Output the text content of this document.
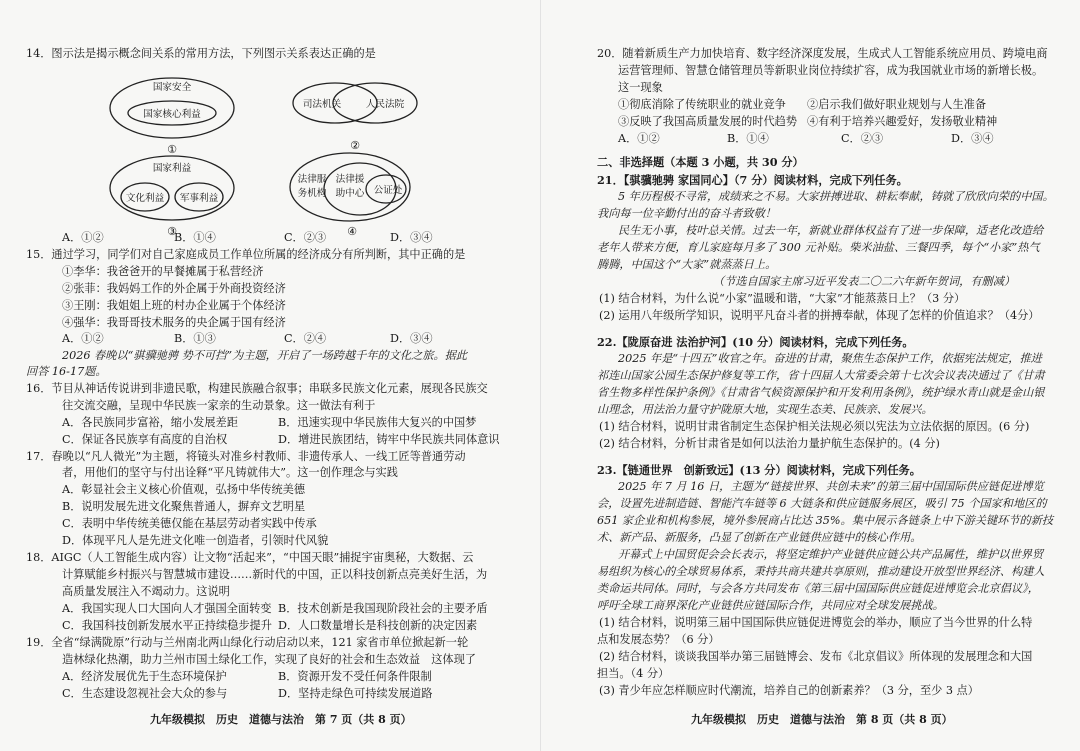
14．图示法是揭示概念间关系的常用方法，下列图示关系表达正确的是
国家安全
国家核心利益
①
司法机关	人民法院
②
国家利益
文化利益 军事利益
③
法律服
务机构
法律援
助中心 公证处
④
A．①②	B．①④	C．②③	D．③④
15．通过学习，同学们对自己家庭成员工作单位所属的经济成分有所判断，其中正确的是
①李华：我爸爸开的早餐摊属于私营经济
②张菲：我妈妈工作的外企属于外商投资经济
③王刚：我姐姐上班的村办企业属于个体经济
④强华：我哥哥技术服务的央企属于国有经济
A．①②	B．①③	C．②④	D．③④
2026 春晚以“骐骥驰骋 势不可挡”为主题，开启了一场跨越千年的文化之旅。据此
回答 16-17题。
16．节目从神话传说讲到非遗民歌，构建民族融合叙事；串联多民族文化元素，展现各民族交
往交流交融，呈现中华民族一家亲的生动景象。这一做法有利于
A．各民族同步富裕，缩小发展差距	B．迅速实现中华民族伟大复兴的中国梦
C．保证各民族享有高度的自治权	D．增进民族团结，铸牢中华民族共同体意识
17．春晚以“凡人微光”为主题，将镜头对准乡村教师、非遗传承人、一线工匠等普通劳动
者，用他们的坚守与付出诠释“平凡铸就伟大”。这一创作理念与实践
A．彰显社会主义核心价值观，弘扬中华传统美德
B．说明发展先进文化聚焦普通人，摒弃文艺明星
C．表明中华传统美德仅能在基层劳动者实践中传承
D．体现平凡人是先进文化唯一创造者，引领时代风貌
18．AIGC（人工智能生成内容）让文物“活起来”，“中国天眼”捕捉宇宙奥秘，大数据、云
计算赋能乡村振兴与智慧城市建设……新时代的中国，正以科技创新点亮美好生活，为
高质量发展注入不竭动力。这说明
A．我国实现人口大国向人才强国全面转变 B．技术创新是我国现阶段社会的主要矛盾
C．我国科技创新发展水平正持续稳步提升 D．人口数量增长是科技创新的决定因素
19．全省“绿满陇原”行动与兰州南北两山绿化行动启动以来，121 家省市单位掀起新一轮
造林绿化热潮，助力兰州市国土绿化工作，实现了良好的社会和生态效益　这体现了
A．经济发展优先于生态环境保护	B．资源开发不受任何条件限制
C．生态建设忽视社会大众的参与	D．坚持走绿色可持续发展道路
九年级模拟　历史　道德与法治　第 7 页（共 8 页）
20．随着新质生产力加快培育、数字经济深度发展，生成式人工智能系统应用员、跨境电商
运营管理师、智慧仓储管理员等新职业岗位持续扩容，成为我国就业市场的新增长极。
这一现象
①彻底消除了传统职业的就业竞争 ②启示我们做好职业规划与人生准备
③反映了我国高质量发展的时代趋势 ④有利于培养兴趣爱好，发扬敬业精神
A．①②	B．①④	C．②③	D．③④
二、非选择题（本题 3 小题，共 30 分）
21．【骐骥驰骋 家国同心】（7 分）阅读材料，完成下列任务。
5 年历程极不寻常，成绩来之不易。大家拼搏进取、耕耘奉献，铸就了欣欣向荣的中国。
我向每一位辛勤付出的奋斗者致敬！
民生无小事，枝叶总关情。过去一年，新就业群体权益有了进一步保障，适老化改造给
老年人带来方便，育儿家庭每月多了 300 元补贴。柴米油盐、三餐四季，每个“小家”热气
腾腾，中国这个“大家”就蒸蒸日上。
（节选自国家主席习近平发表二〇二六年新年贺词，有删减）
(1) 结合材料，为什么说“小家”温暖和谐，“大家”才能蒸蒸日上？（3 分）
(2) 运用八年级所学知识，说明平凡奋斗者的拼搏奉献，体现了怎样的价值追求？（4分）
22.【陇原奋进 法治护河】(10 分）阅读材料，完成下列任务。
2025 年是“十四五”收官之年。奋进的甘肃，聚焦生态保护工作，依据宪法规定，推进
祁连山国家公园生态保护修复等工作，省十四届人大常委会第十七次会议表决通过了《甘肃
省生物多样性保护条例》《甘肃省气候资源保护和开发利用条例》，统护绿水青山就是金山银
山理念，用法治力量守护陇原大地，实现生态美、民族亲、发展兴。
(1) 结合材料，说明甘肃省制定生态保护相关法规必须以宪法为立法依据的原因。(6 分)
(2) 结合材料，分析甘肃省是如何以法治力量护航生态保护的。(4 分)
23.【链通世界　创新致远】(13 分）阅读材料，完成下列任务。
2025 年 7 月 16 日，主题为“链接世界、共创未来”的第三届中国国际供应链促进博览
会，设置先进制造链、智能汽车链等 6 大链条和供应链服务展区，吸引 75 个国家和地区的
651 家企业和机构参展，境外参展商占比达 35%。集中展示各链条上中下游关键环节的新技
术、新产品、新服务，凸显了创新在产业链供应链中的核心作用。
开幕式上中国贸促会会长表示，将坚定维护产业链供应链公共产品属性，维护以世界贸
易组织为核心的全球贸易体系，秉持共商共建共享原则，推动建设开放型世界经济、构建人
类命运共同体。同时，与会各方共同发布《第三届中国国际供应链促进博览会北京倡议》，
呼吁全球工商界深化产业链供应链国际合作，共同应对全球发展挑战。
(1) 结合材料，说明第三届中国国际供应链促进博览会的举办，顺应了当今世界的什么特
点和发展态势？（6 分）
(2) 结合材料，谈谈我国举办第三届链博会、发布《北京倡议》所体现的发展理念和大国
担当。（4 分）
(3) 青少年应怎样顺应时代潮流，培养自己的创新素养？（3 分，至少 3 点）
九年级模拟　历史　道德与法治　第 8 页（共 8 页）
